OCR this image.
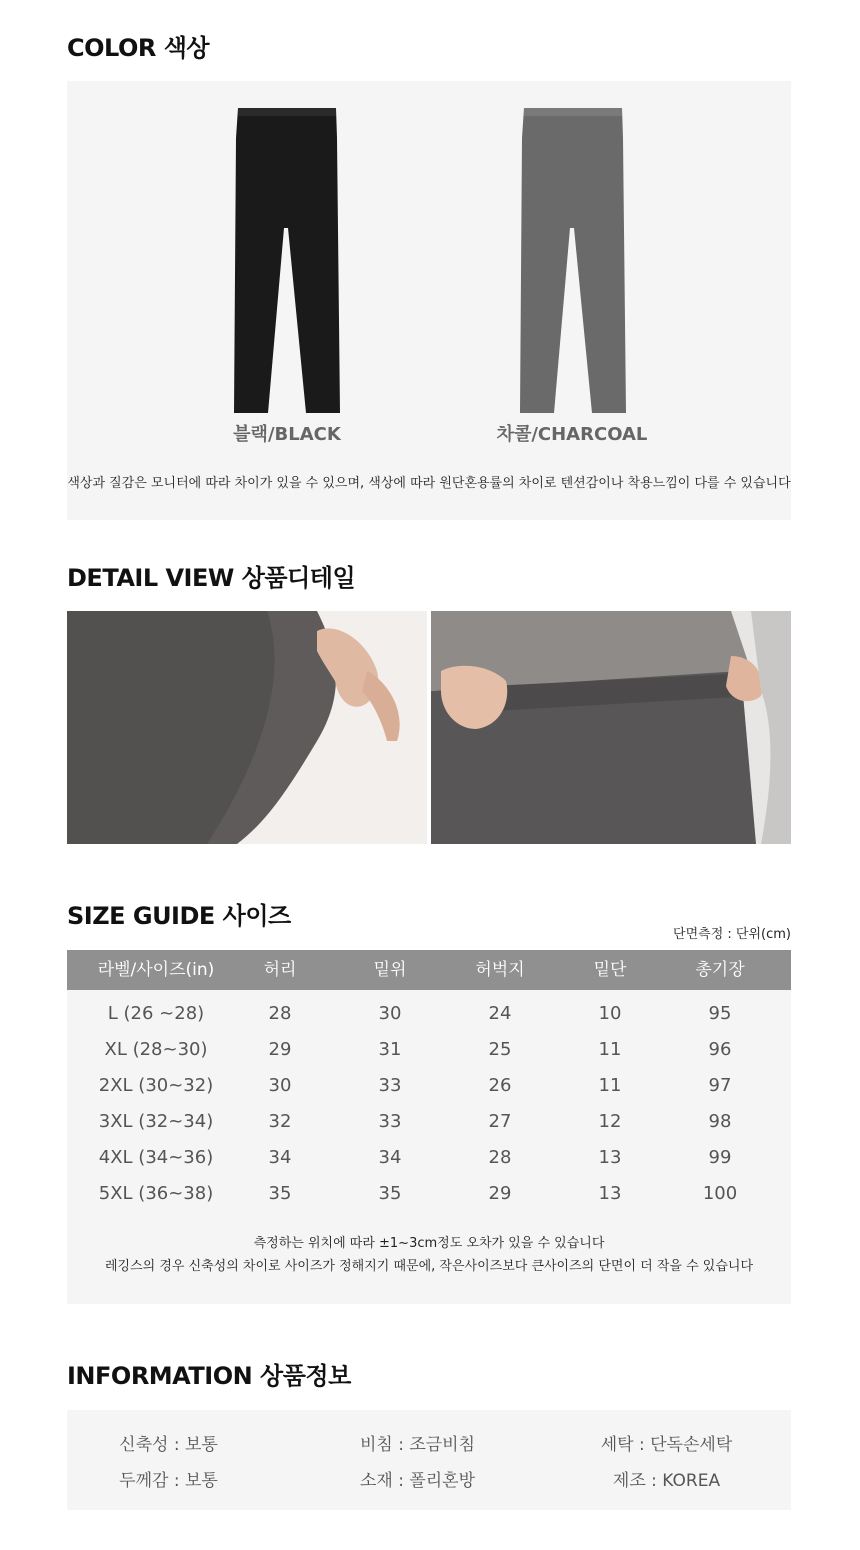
COLOR 색상
블랙/BLACK	차콜/CHARCOAL
색상과 질감은 모니터에 따라 차이가 있을 수 있으며, 색상에 따라 원단혼용률의 차이로 텐션감이나 착용느낌이 다를 수 있습니다
DETAIL VIEW 상품디테일
SIZE GUIDE 사이즈
단면측정 : 단위(cm)
라벨/사이즈(in)	허리	밑위	허벅지	밑단	총기장
L (26 ~28)	28	30	24	10	95
XL (28~30)	29	31	25	11	96
2XL (30~32)	30	33	26	11	97
3XL (32~34)	32	33	27	12	98
4XL (34~36)	34	34	28	13	99
5XL (36~38)	35	35	29	13	100
측정하는 위치에 따라 ±1~3cm정도 오차가 있을 수 있습니다
레깅스의 경우 신축성의 차이로 사이즈가 정해지기 때문에, 작은사이즈보다 큰사이즈의 단면이 더 작을 수 있습니다
INFORMATION 상품정보
신축성 : 보통	비침 : 조금비침	세탁 : 단독손세탁
두께감 : 보통	소재 : 폴리혼방	제조 : KOREA
